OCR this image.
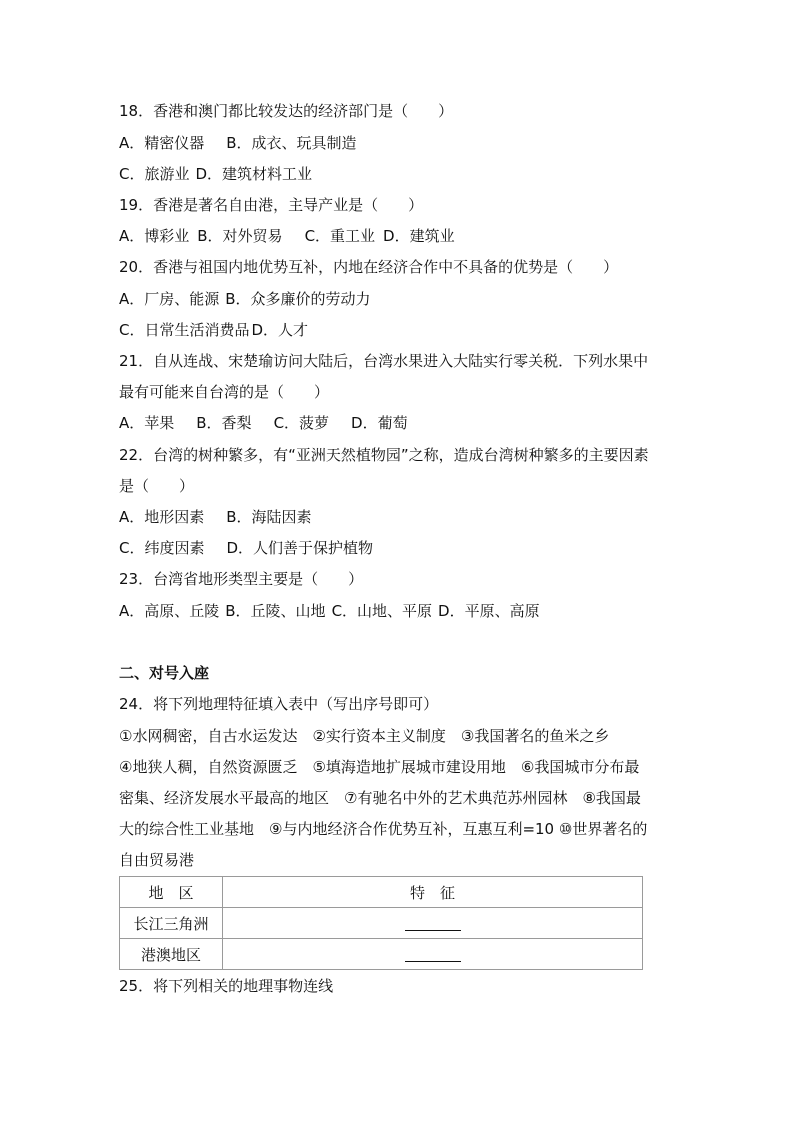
18．香港和澳门都比较发达的经济部门是（　　）
A．精密仪器 B．成衣、玩具制造
C．旅游业 D．建筑材料工业
19．香港是著名自由港，主导产业是（　　）
A．博彩业 B．对外贸易 C．重工业 D．建筑业
20．香港与祖国内地优势互补，内地在经济合作中不具备的优势是（　　）
A．厂房、能源 B．众多廉价的劳动力
C．日常生活消费品 D．人才
21．自从连战、宋楚瑜访问大陆后，台湾水果进入大陆实行零关税．下列水果中
最有可能来自台湾的是（　　）
A．苹果 B．香梨 C．菠萝 D．葡萄
22．台湾的树种繁多，有“亚洲天然植物园”之称，造成台湾树种繁多的主要因素
是（　　）
A．地形因素 B．海陆因素
C．纬度因素 D．人们善于保护植物
23．台湾省地形类型主要是（　　）
A．高原、丘陵 B．丘陵、山地 C．山地、平原 D．平原、高原
二、对号入座
24．将下列地理特征填入表中（写出序号即可）
①水网稠密，自古水运发达　②实行资本主义制度　③我国著名的鱼米之乡
④地狭人稠，自然资源匮乏　⑤填海造地扩展城市建设用地　⑥我国城市分布最
密集、经济发展水平最高的地区　⑦有驰名中外的艺术典范苏州园林　⑧我国最
大的综合性工业基地　⑨与内地经济合作优势互补，互惠互利=10 ⑩世界著名的
自由贸易港
地　区	特　征
长江三角洲	
港澳地区	
25．将下列相关的地理事物连线
